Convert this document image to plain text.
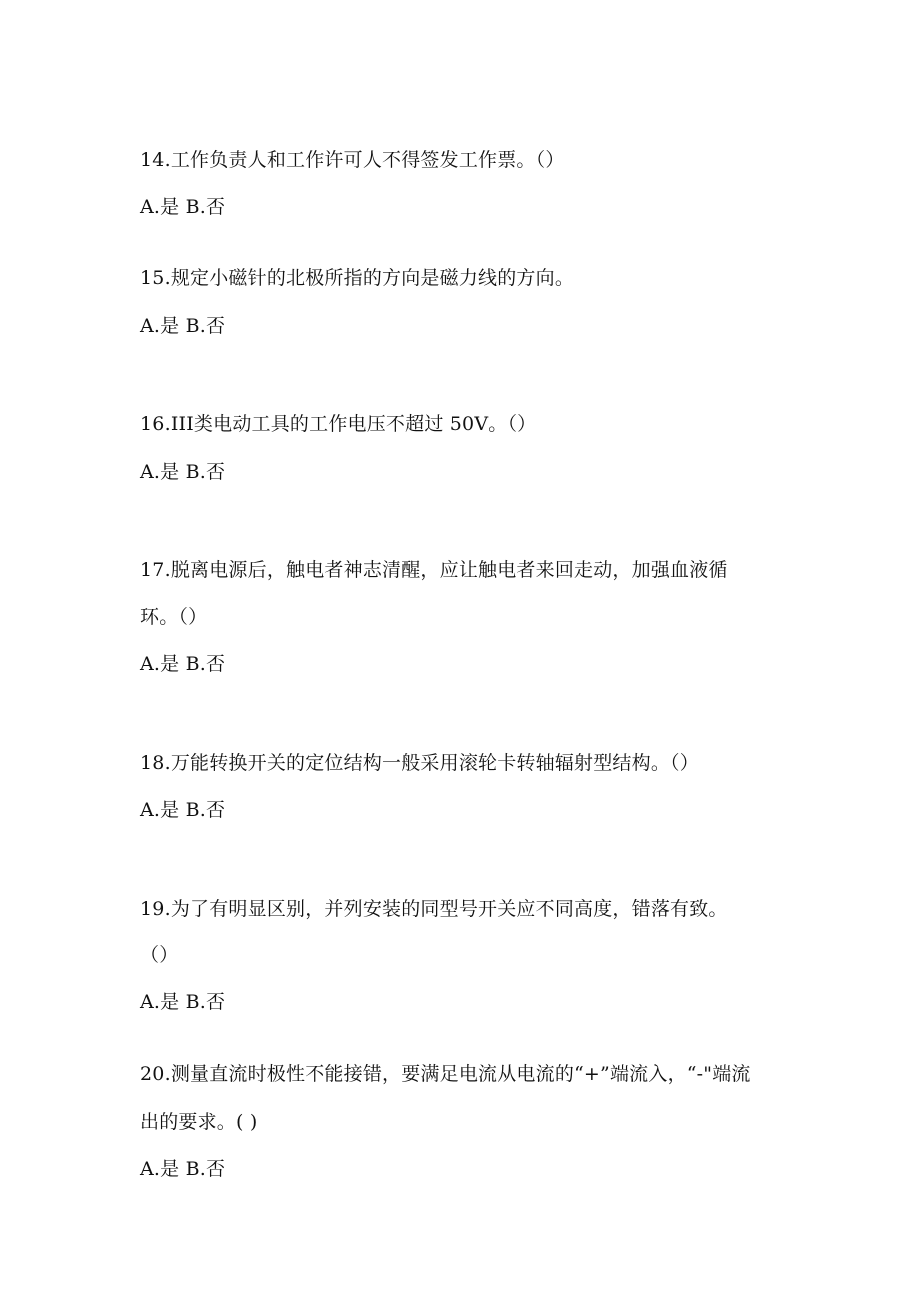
14.工作负责人和工作许可人不得签发工作票。（）
A.是 B.否
15.规定小磁针的北极所指的方向是磁力线的方向。
A.是 B.否
16.III类电动工具的工作电压不超过 50V。（）
A.是 B.否
17.脱离电源后，触电者神志清醒，应让触电者来回走动，加强血液循
环。（）
A.是 B.否
18.万能转换开关的定位结构一般采用滚轮卡转轴辐射型结构。（）
A.是 B.否
19.为了有明显区别，并列安装的同型号开关应不同高度，错落有致。
（）
A.是 B.否
20.测量直流时极性不能接错，要满足电流从电流的“+”端流入，“-"端流
出的要求。( )
A.是 B.否
